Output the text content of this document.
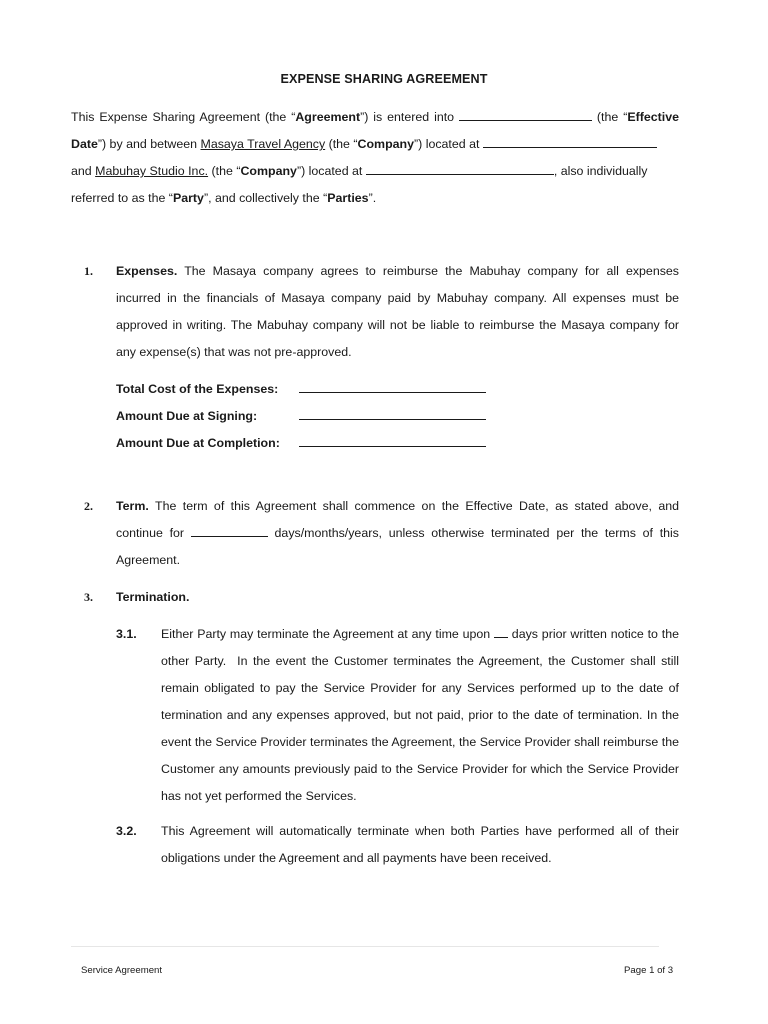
EXPENSE SHARING AGREEMENT
This Expense Sharing Agreement (the “Agreement”) is entered into	(the “Effective Date”) by and between Masaya Travel Agency (the “Company”) located at
and Mabuhay Studio Inc. (the “Company”) located at	, also individually
referred to as the “Party”, and collectively the “Parties”.
1. Expenses. The Masaya company agrees to reimburse the Mabuhay company for all expenses incurred in the financials of Masaya company paid by Mabuhay company. All expenses must be approved in writing. The Mabuhay company will not be liable to reimburse the Masaya company for any expense(s) that was not pre-approved.
Total Cost of the Expenses:
Amount Due at Signing:
Amount Due at Completion:
2. Term. The term of this Agreement shall commence on the Effective Date, as stated above, and continue for	days/months/years, unless otherwise terminated per the terms of this Agreement.
3. Termination.
3.1. Either Party may terminate the Agreement at any time upon  days prior written notice to the other Party.  In the event the Customer terminates the Agreement, the Customer shall still remain obligated to pay the Service Provider for any Services performed up to the date of termination and any expenses approved, but not paid, prior to the date of termination. In the event the Service Provider terminates the Agreement, the Service Provider shall reimburse the Customer any amounts previously paid to the Service Provider for which the Service Provider has not yet performed the Services.
3.2. This Agreement will automatically terminate when both Parties have performed all of their obligations under the Agreement and all payments have been received.
Service Agreement	Page 1 of 3
